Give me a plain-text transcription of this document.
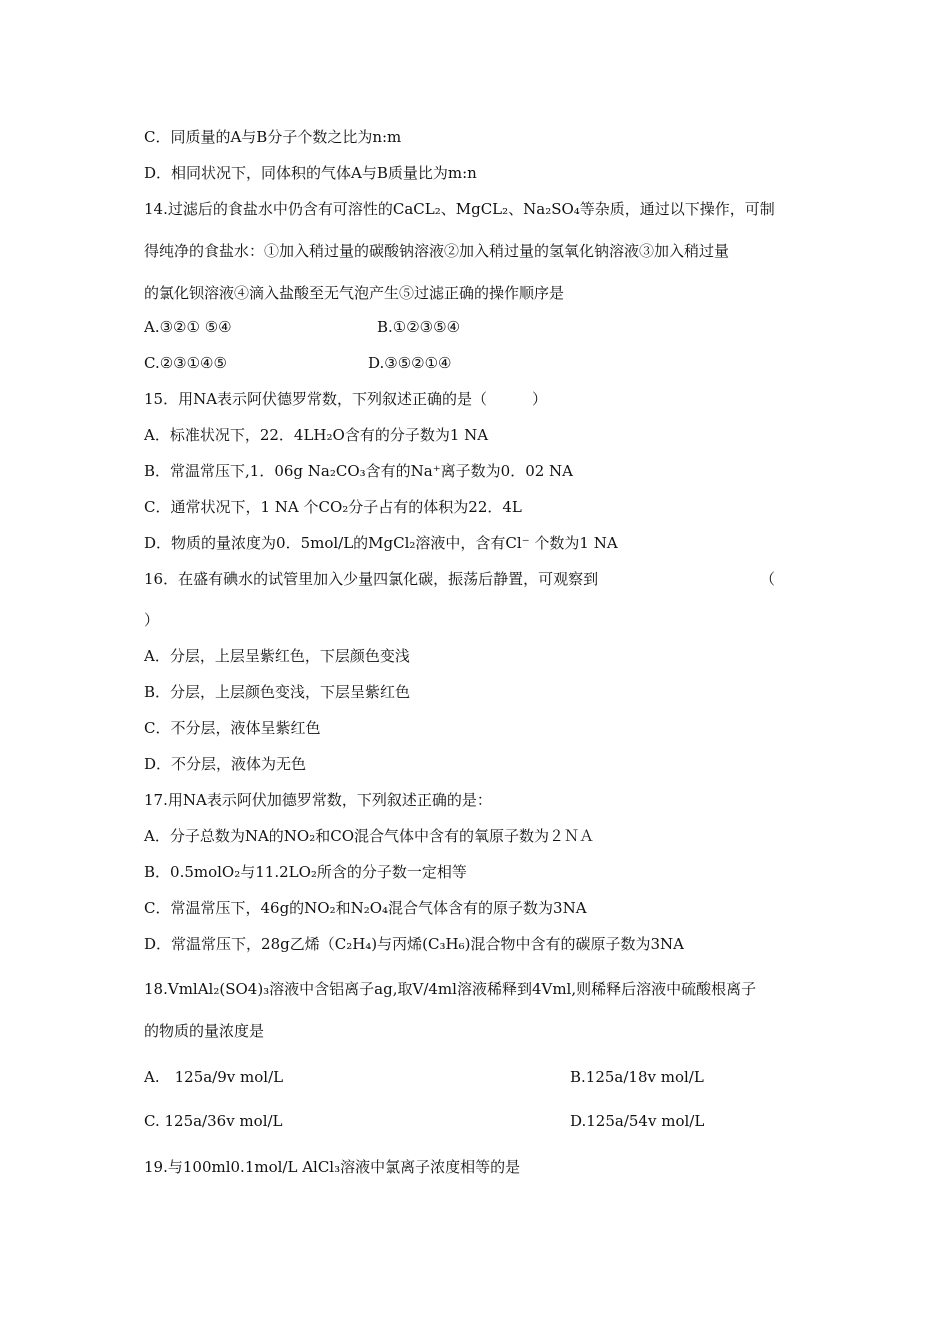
C．同质量的A与B分子个数之比为n:m
D．相同状况下，同体积的气体A与B质量比为m:n
14.过滤后的食盐水中仍含有可溶性的CaCL₂、MgCL₂、Na₂SO₄等杂质，通过以下操作，可制
得纯净的食盐水：①加入稍过量的碳酸钠溶液②加入稍过量的氢氧化钠溶液③加入稍过量
的氯化钡溶液④滴入盐酸至无气泡产生⑤过滤正确的操作顺序是
A.③②① ⑤④	B.①②③⑤④
C.②③①④⑤	D.③⑤②①④
15．用NA表示阿伏德罗常数，下列叙述正确的是（　　　）
A．标准状况下，22．4LH₂O含有的分子数为1 NA
B．常温常压下,1．06g Na₂CO₃含有的Na⁺离子数为0．02 NA
C．通常状况下，1 NA 个CO₂分子占有的体积为22．4L
D．物质的量浓度为0．5mol/L的MgCl₂溶液中，含有Cl⁻ 个数为1 NA
16．在盛有碘水的试管里加入少量四氯化碳，振荡后静置，可观察到	（
）
A．分层，上层呈紫红色，下层颜色变浅
B．分层，上层颜色变浅，下层呈紫红色
C．不分层，液体呈紫红色
D．不分层，液体为无色
17.用NA表示阿伏加德罗常数，下列叙述正确的是：
A．分子总数为NA的NO₂和CO混合气体中含有的氧原子数为２ＮＡ
B．0.5molO₂与11.2LO₂所含的分子数一定相等
C．常温常压下，46g的NO₂和N₂O₄混合气体含有的原子数为3NA
D．常温常压下，28g乙烯（C₂H₄)与丙烯(C₃H₆)混合物中含有的碳原子数为3NA
18.VmlAl₂(SO4)₃溶液中含铝离子ag,取V/4ml溶液稀释到4Vml,则稀释后溶液中硫酸根离子
的物质的量浓度是
A.　125a/9v mol/L	B.125a/18v mol/L
C. 125a/36v mol/L	D.125a/54v mol/L
19.与100ml0.1mol/L AlCl₃溶液中氯离子浓度相等的是
